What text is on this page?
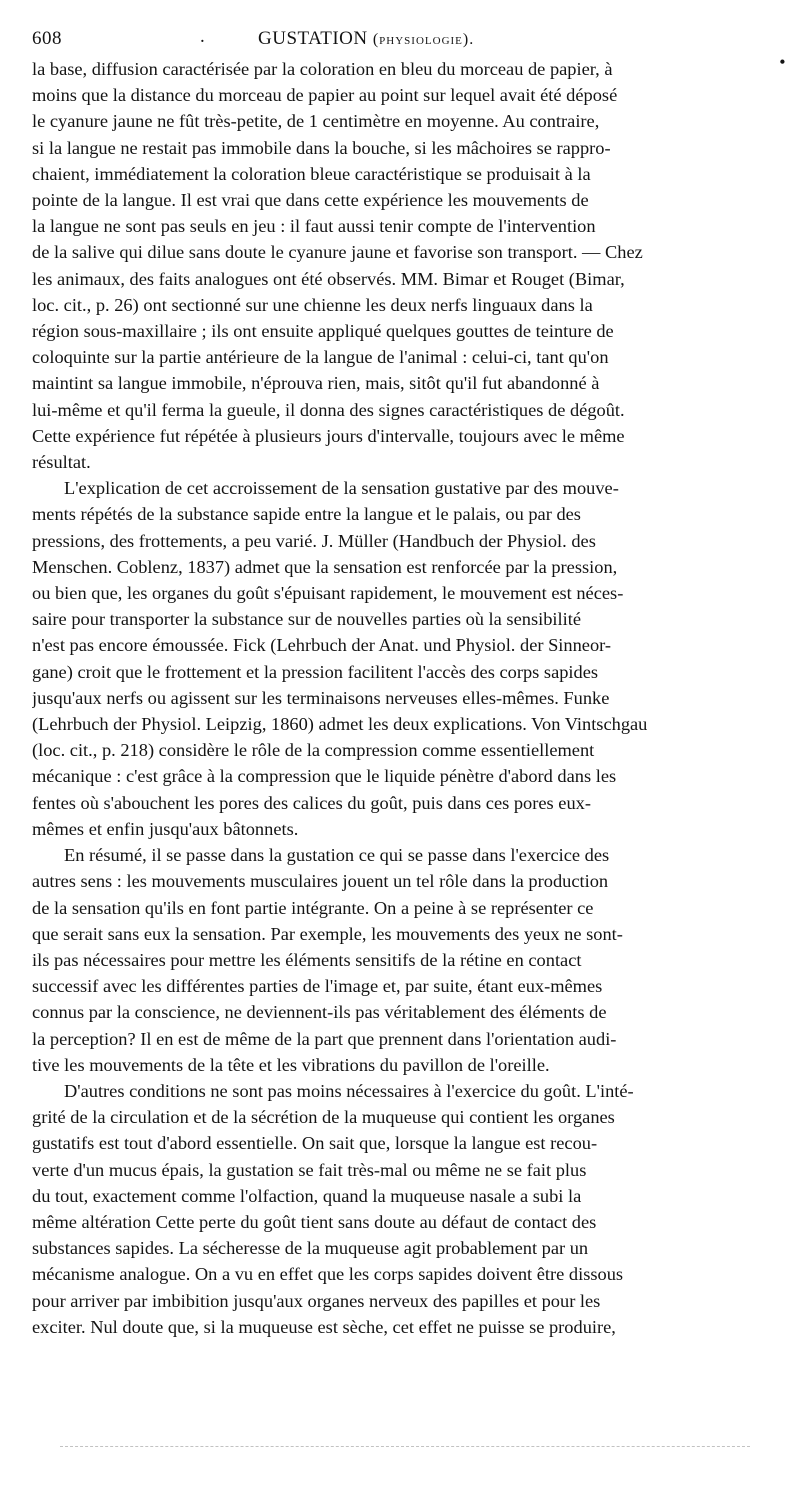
608	.	GUSTATION (physiologie).
•
la base, diffusion caractérisée par la coloration en bleu du morceau de papier, à
moins que la distance du morceau de papier au point sur lequel avait été déposé
le cyanure jaune ne fût très-petite, de 1 centimètre en moyenne. Au contraire,
si la langue ne restait pas immobile dans la bouche, si les mâchoires se rappro-
chaient, immédiatement la coloration bleue caractéristique se produisait à la
pointe de la langue. Il est vrai que dans cette expérience les mouvements de
la langue ne sont pas seuls en jeu : il faut aussi tenir compte de l'intervention
de la salive qui dilue sans doute le cyanure jaune et favorise son transport. — Chez
les animaux, des faits analogues ont été observés. MM. Bimar et Rouget (Bimar,
loc. cit., p. 26) ont sectionné sur une chienne les deux nerfs linguaux dans la
région sous-maxillaire ; ils ont ensuite appliqué quelques gouttes de teinture de
coloquinte sur la partie antérieure de la langue de l'animal : celui-ci, tant qu'on
maintint sa langue immobile, n'éprouva rien, mais, sitôt qu'il fut abandonné à
lui-même et qu'il ferma la gueule, il donna des signes caractéristiques de dégoût.
Cette expérience fut répétée à plusieurs jours d'intervalle, toujours avec le même
résultat.
L'explication de cet accroissement de la sensation gustative par des mouve-
ments répétés de la substance sapide entre la langue et le palais, ou par des
pressions, des frottements, a peu varié. J. Müller (Handbuch der Physiol. des
Menschen. Coblenz, 1837) admet que la sensation est renforcée par la pression,
ou bien que, les organes du goût s'épuisant rapidement, le mouvement est néces-
saire pour transporter la substance sur de nouvelles parties où la sensibilité
n'est pas encore émoussée. Fick (Lehrbuch der Anat. und Physiol. der Sinneor-
gane) croit que le frottement et la pression facilitent l'accès des corps sapides
jusqu'aux nerfs ou agissent sur les terminaisons nerveuses elles-mêmes. Funke
(Lehrbuch der Physiol. Leipzig, 1860) admet les deux explications. Von Vintschgau
(loc. cit., p. 218) considère le rôle de la compression comme essentiellement
mécanique : c'est grâce à la compression que le liquide pénètre d'abord dans les
fentes où s'abouchent les pores des calices du goût, puis dans ces pores eux-
mêmes et enfin jusqu'aux bâtonnets.
En résumé, il se passe dans la gustation ce qui se passe dans l'exercice des
autres sens : les mouvements musculaires jouent un tel rôle dans la production
de la sensation qu'ils en font partie intégrante. On a peine à se représenter ce
que serait sans eux la sensation. Par exemple, les mouvements des yeux ne sont-
ils pas nécessaires pour mettre les éléments sensitifs de la rétine en contact
successif avec les différentes parties de l'image et, par suite, étant eux-mêmes
connus par la conscience, ne deviennent-ils pas véritablement des éléments de
la perception? Il en est de même de la part que prennent dans l'orientation audi-
tive les mouvements de la tête et les vibrations du pavillon de l'oreille.
D'autres conditions ne sont pas moins nécessaires à l'exercice du goût. L'inté-
grité de la circulation et de la sécrétion de la muqueuse qui contient les organes
gustatifs est tout d'abord essentielle. On sait que, lorsque la langue est recou-
verte d'un mucus épais, la gustation se fait très-mal ou même ne se fait plus
du tout, exactement comme l'olfaction, quand la muqueuse nasale a subi la
même altération Cette perte du goût tient sans doute au défaut de contact des
substances sapides. La sécheresse de la muqueuse agit probablement par un
mécanisme analogue. On a vu en effet que les corps sapides doivent être dissous
pour arriver par imbibition jusqu'aux organes nerveux des papilles et pour les
exciter. Nul doute que, si la muqueuse est sèche, cet effet ne puisse se produire,
